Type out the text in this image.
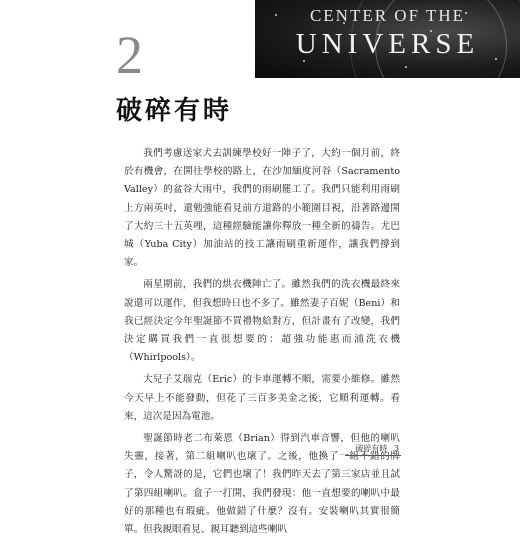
CENTER OF THE
UNIVERSE
2
破碎有時

我們考慮送家犬去訓練學校好一陣子了，大約一個月前，終於有機會，在開往學校的路上，在沙加緬度河谷（Sacramento Valley）的盆谷大雨中，我們的雨刷罷工了。我們只能利用雨刷上方兩英吋，還勉強能看見前方道路的小範圍目視，沿著路邊開了大約三十五英哩，這種經驗能讓你釋放一種全新的禱告。尤巴城（Yuba City）加油站的技工讓雨刷重新運作，讓我們撐到家。

兩星期前，我們的烘衣機陣亡了。雖然我們的洗衣機最終來說還可以運作，但我想時日也不多了。雖然妻子百妮（Beni）和我已經決定今年聖誕節不買禮物給對方，但計畫有了改變，我們決定購買我們一直很想要的：超強功能惠而浦洗衣機（Whirlpools）。

大兒子艾瑞克（Eric）的卡車運轉不順，需要小維修。雖然今天早上不能發動，但花了三百多美金之後，它順利運轉。看來，這次是因為電池。

聖誕節時老二布萊恩（Brian）得到汽車音響，但他的喇叭失靈，接著，第二組喇叭也壞了。之後，他換了一組不錯的牌子，令人驚訝的是，它們也壞了！我們昨天去了第三家店並且試了第四組喇叭。盒子一打開，我們發現：他一直想要的喇叭中最好的那種也有瑕疵。他做錯了什麼？沒有。安裝喇叭其實很簡單。但我親眼看見、親耳聽到這些喇叭

破碎有時 3
